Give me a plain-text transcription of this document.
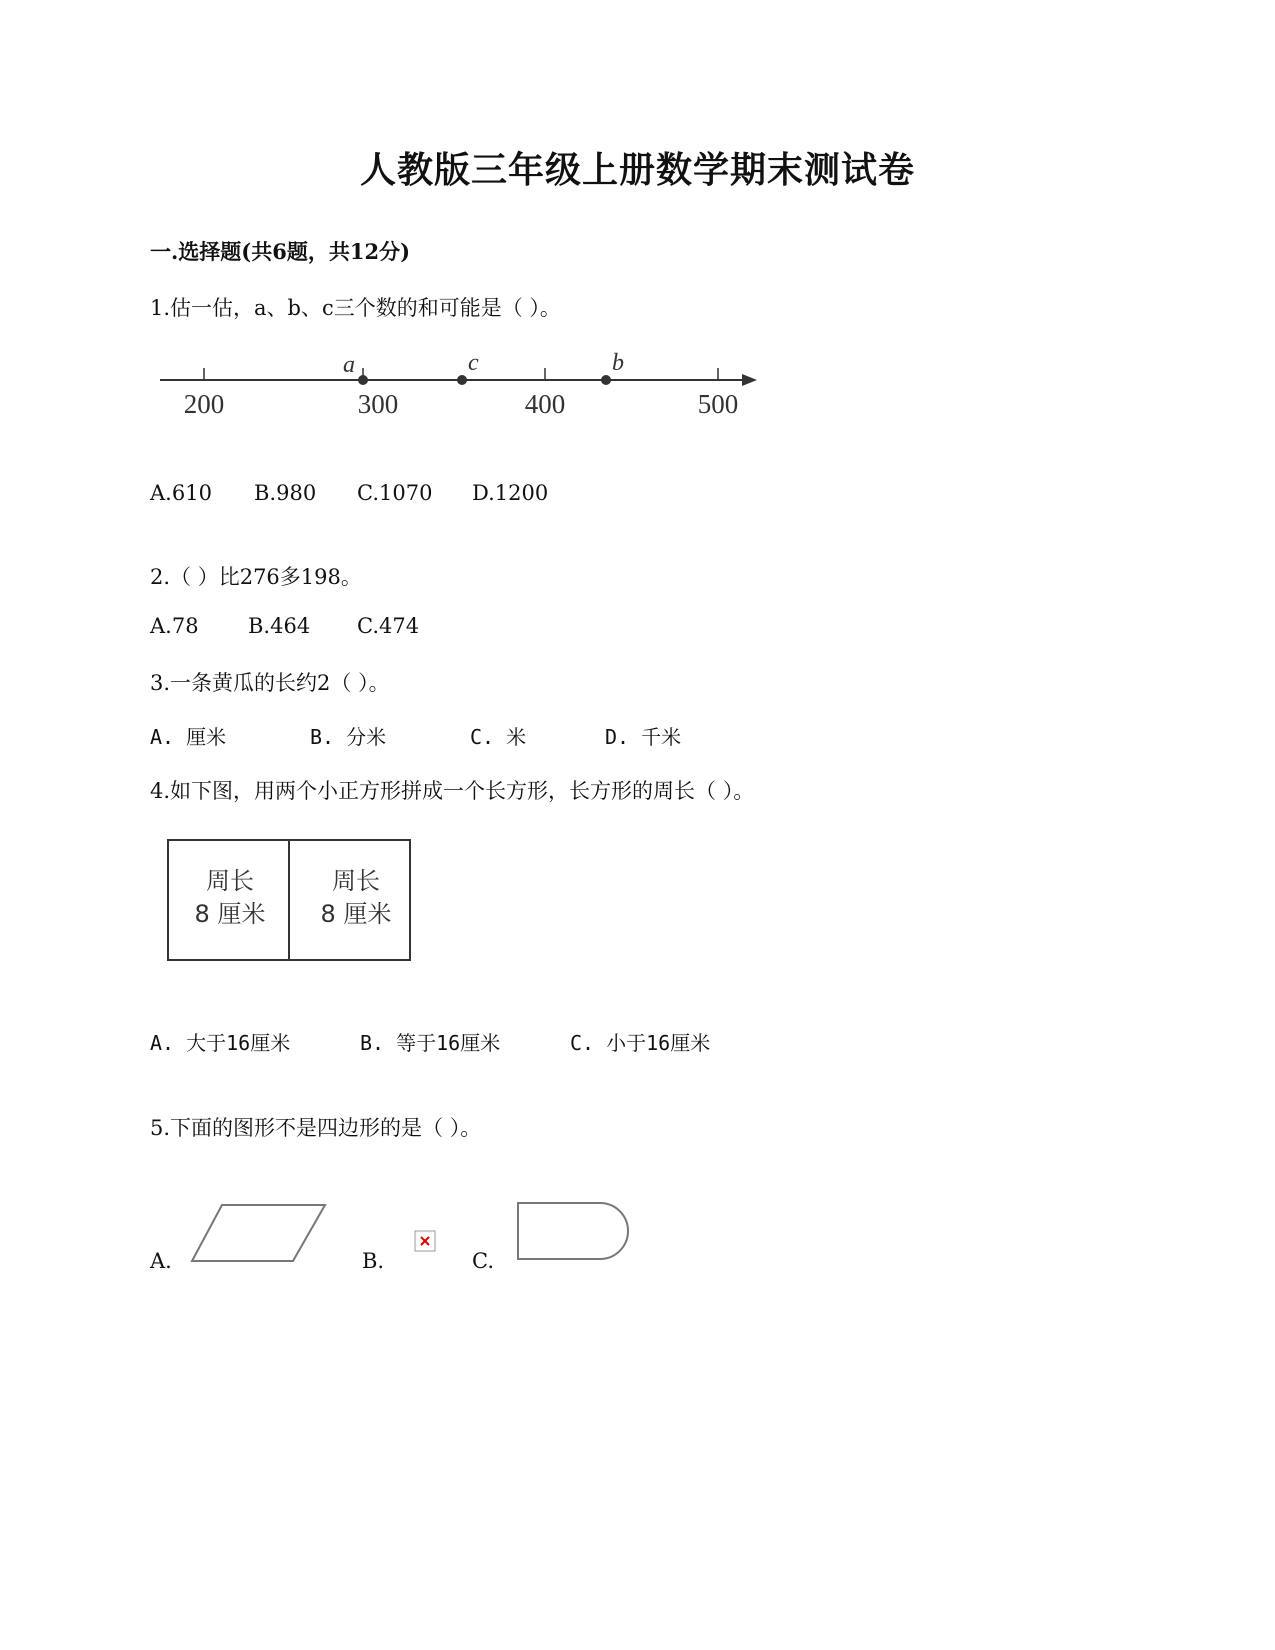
人教版三年级上册数学期末测试卷
一.选择题(共6题，共12分)
1.估一估，a、b、c三个数的和可能是（ ）。
a	c	b
200	300	400	500
A.610 B.980 C.1070 D.1200
2.（ ）比276多198。
A.78 B.464 C.474
3.一条黄瓜的长约2（ ）。
A. 厘米	B. 分米	C. 米	D. 千米
4.如下图，用两个小正方形拼成一个长方形，长方形的周长（ ）。
周长
8 厘米
周长
8 厘米
A. 大于16厘米	B. 等于16厘米	C. 小于16厘米
5.下面的图形不是四边形的是（ ）。
A.	B.	C.
